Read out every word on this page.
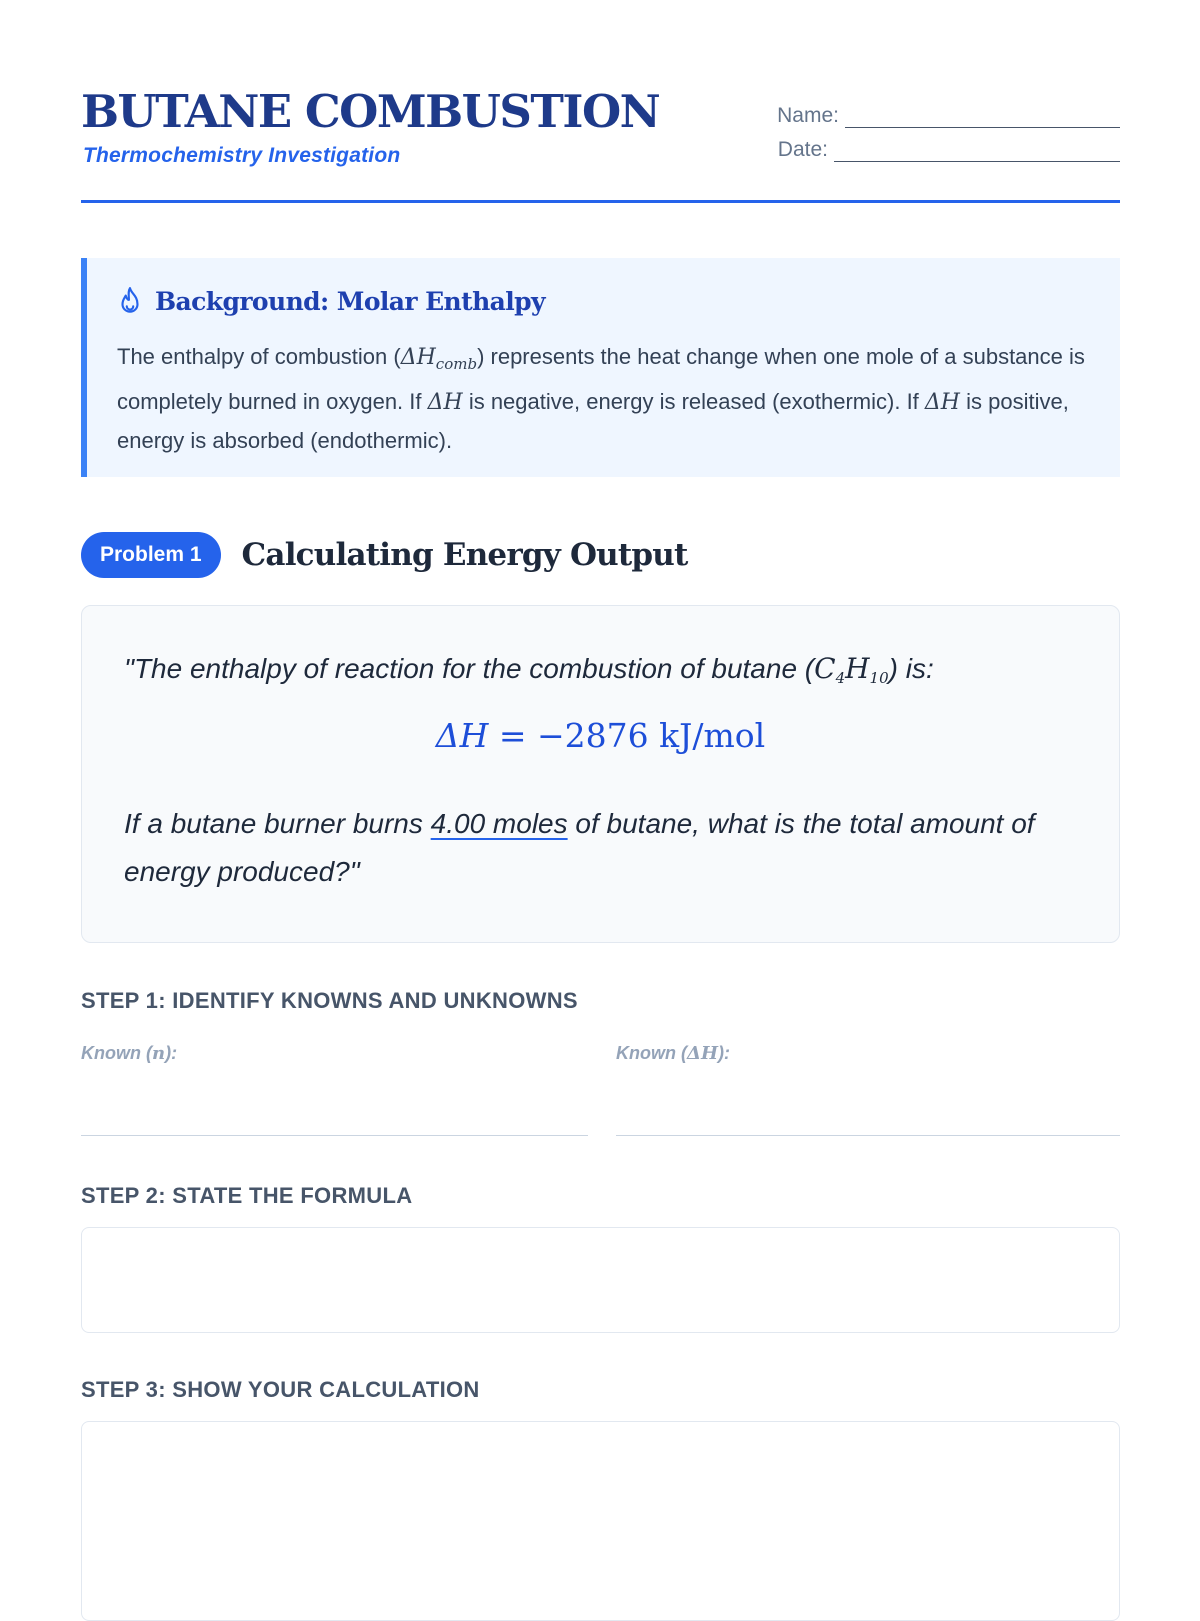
BUTANE COMBUSTION

Thermochemistry Investigation

Name:
Date:
Background: Molar Enthalpy

The enthalpy of combustion $(\Delta H_{comb})$ represents the heat change when one mole of a substance is completely burned in oxygen. If ΔH is negative, energy is released (exothermic). If ΔH is positive, energy is absorbed (endothermic).

Problem 1	Calculating Energy Output
"The enthalpy of reaction for the combustion of butane $(C_4H_{10})$ is:
ΔH = −2876 kJ/mol

If a butane burner burns 4.00 moles of butane, what is the total amount of energy produced?"

STEP 1: IDENTIFY KNOWNS AND UNKNOWNS
Known (n):	Known (ΔH):
STEP 2: STATE THE FORMULA
STEP 3: SHOW YOUR CALCULATION
